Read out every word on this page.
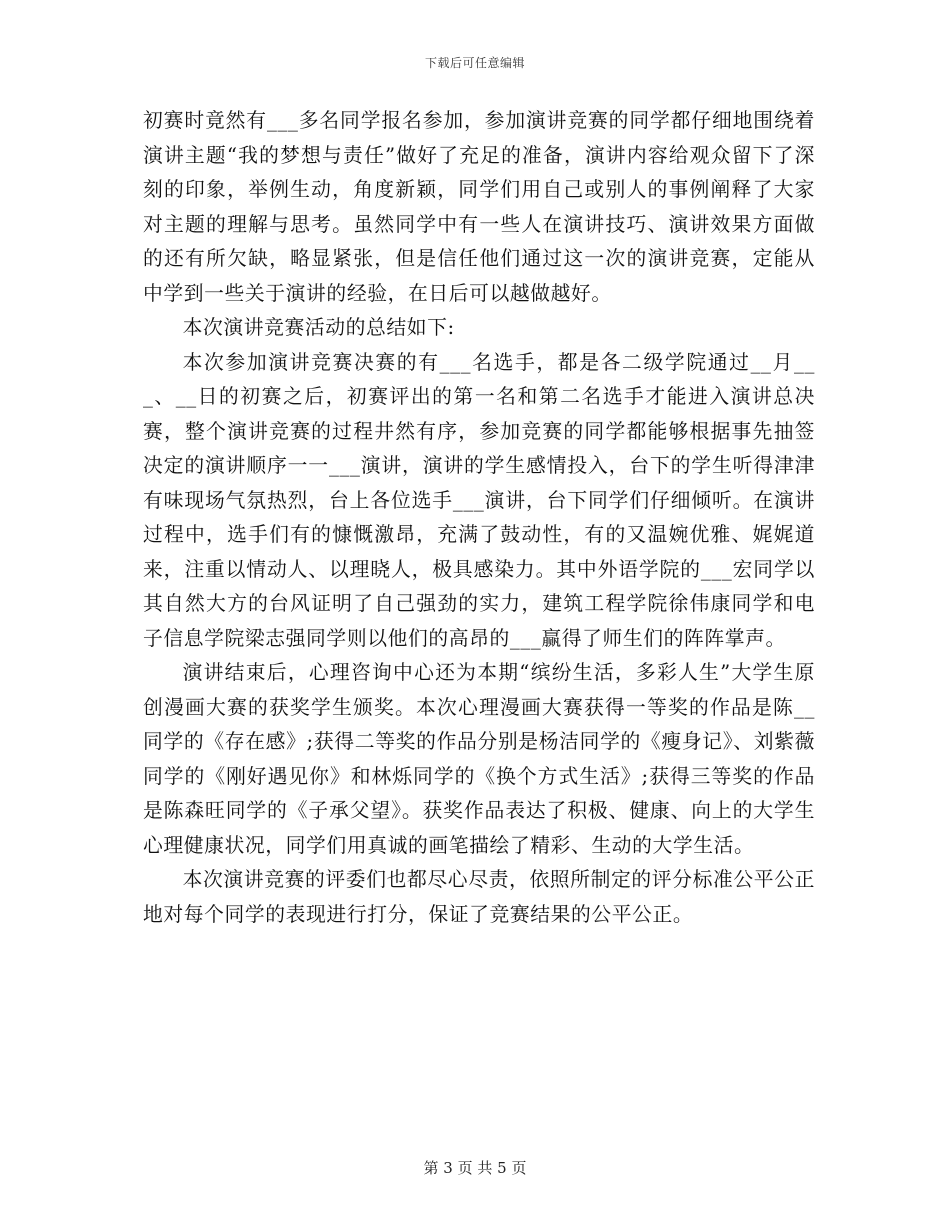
下载后可任意编辑

初赛时竟然有___多名同学报名参加，参加演讲竞赛的同学都仔细地围绕着演讲主题“我的梦想与责任”做好了充足的准备，演讲内容给观众留下了深刻的印象，举例生动，角度新颖，同学们用自己或别人的事例阐释了大家对主题的理解与思考。虽然同学中有一些人在演讲技巧、演讲效果方面做的还有所欠缺，略显紧张，但是信任他们通过这一次的演讲竞赛，定能从中学到一些关于演讲的经验，在日后可以越做越好。

本次演讲竞赛活动的总结如下:

本次参加演讲竞赛决赛的有___名选手，都是各二级学院通过__月___、__日的初赛之后，初赛评出的第一名和第二名选手才能进入演讲总决赛，整个演讲竞赛的过程井然有序，参加竞赛的同学都能够根据事先抽签决定的演讲顺序一一___演讲，演讲的学生感情投入，台下的学生听得津津有味现场气氛热烈，台上各位选手___演讲，台下同学们仔细倾听。在演讲过程中，选手们有的慷慨激昂，充满了鼓动性，有的又温婉优雅、娓娓道来，注重以情动人、以理晓人，极具感染力。其中外语学院的___宏同学以其自然大方的台风证明了自己强劲的实力，建筑工程学院徐伟康同学和电子信息学院梁志强同学则以他们的高昂的___赢得了师生们的阵阵掌声。

演讲结束后，心理咨询中心还为本期“缤纷生活，多彩人生”大学生原创漫画大赛的获奖学生颁奖。本次心理漫画大赛获得一等奖的作品是陈__同学的《存在感》;获得二等奖的作品分别是杨洁同学的《瘦身记》、刘紫薇同学的《刚好遇见你》和林烁同学的《换个方式生活》;获得三等奖的作品是陈森旺同学的《子承父望》。获奖作品表达了积极、健康、向上的大学生心理健康状况，同学们用真诚的画笔描绘了精彩、生动的大学生活。

本次演讲竞赛的评委们也都尽心尽责，依照所制定的评分标准公平公正地对每个同学的表现进行打分，保证了竞赛结果的公平公正。

第 3 页 共 5 页
